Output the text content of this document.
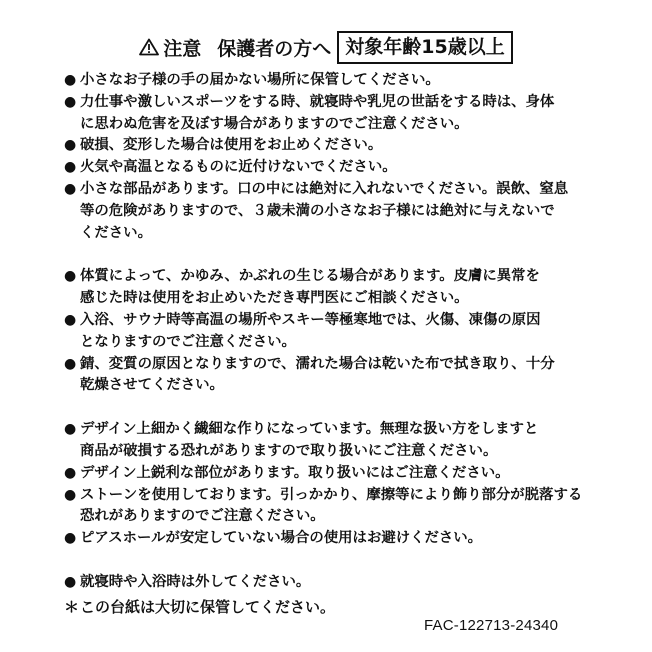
注意 保護者の方へ 対象年齢15歳以上
● 小さなお子様の手の届かない場所に保管してください。
● 力仕事や激しいスポーツをする時、就寝時や乳児の世話をする時は、身体
に思わぬ危害を及ぼす場合がありますのでご注意ください。
● 破損、変形した場合は使用をお止めください。
● 火気や高温となるものに近付けないでください。
● 小さな部品があります。口の中には絶対に入れないでください。誤飲、窒息
等の危険がありますので、３歳未満の小さなお子様には絶対に与えないで
ください。
● 体質によって、かゆみ、かぶれの生じる場合があります。皮膚に異常を
感じた時は使用をお止めいただき専門医にご相談ください。
● 入浴、サウナ時等高温の場所やスキー等極寒地では、火傷、凍傷の原因
となりますのでご注意ください。
● 錆、変質の原因となりますので、濡れた場合は乾いた布で拭き取り、十分
乾燥させてください。
● デザイン上細かく繊細な作りになっています。無理な扱い方をしますと
商品が破損する恐れがありますので取り扱いにご注意ください。
● デザイン上鋭利な部位があります。取り扱いにはご注意ください。
● ストーンを使用しております。引っかかり、摩擦等により飾り部分が脱落する
恐れがありますのでご注意ください。
● ピアスホールが安定していない場合の使用はお避けください。
● 就寝時や入浴時は外してください。
＊ この台紙は大切に保管してください。
FAC-122713-24340
